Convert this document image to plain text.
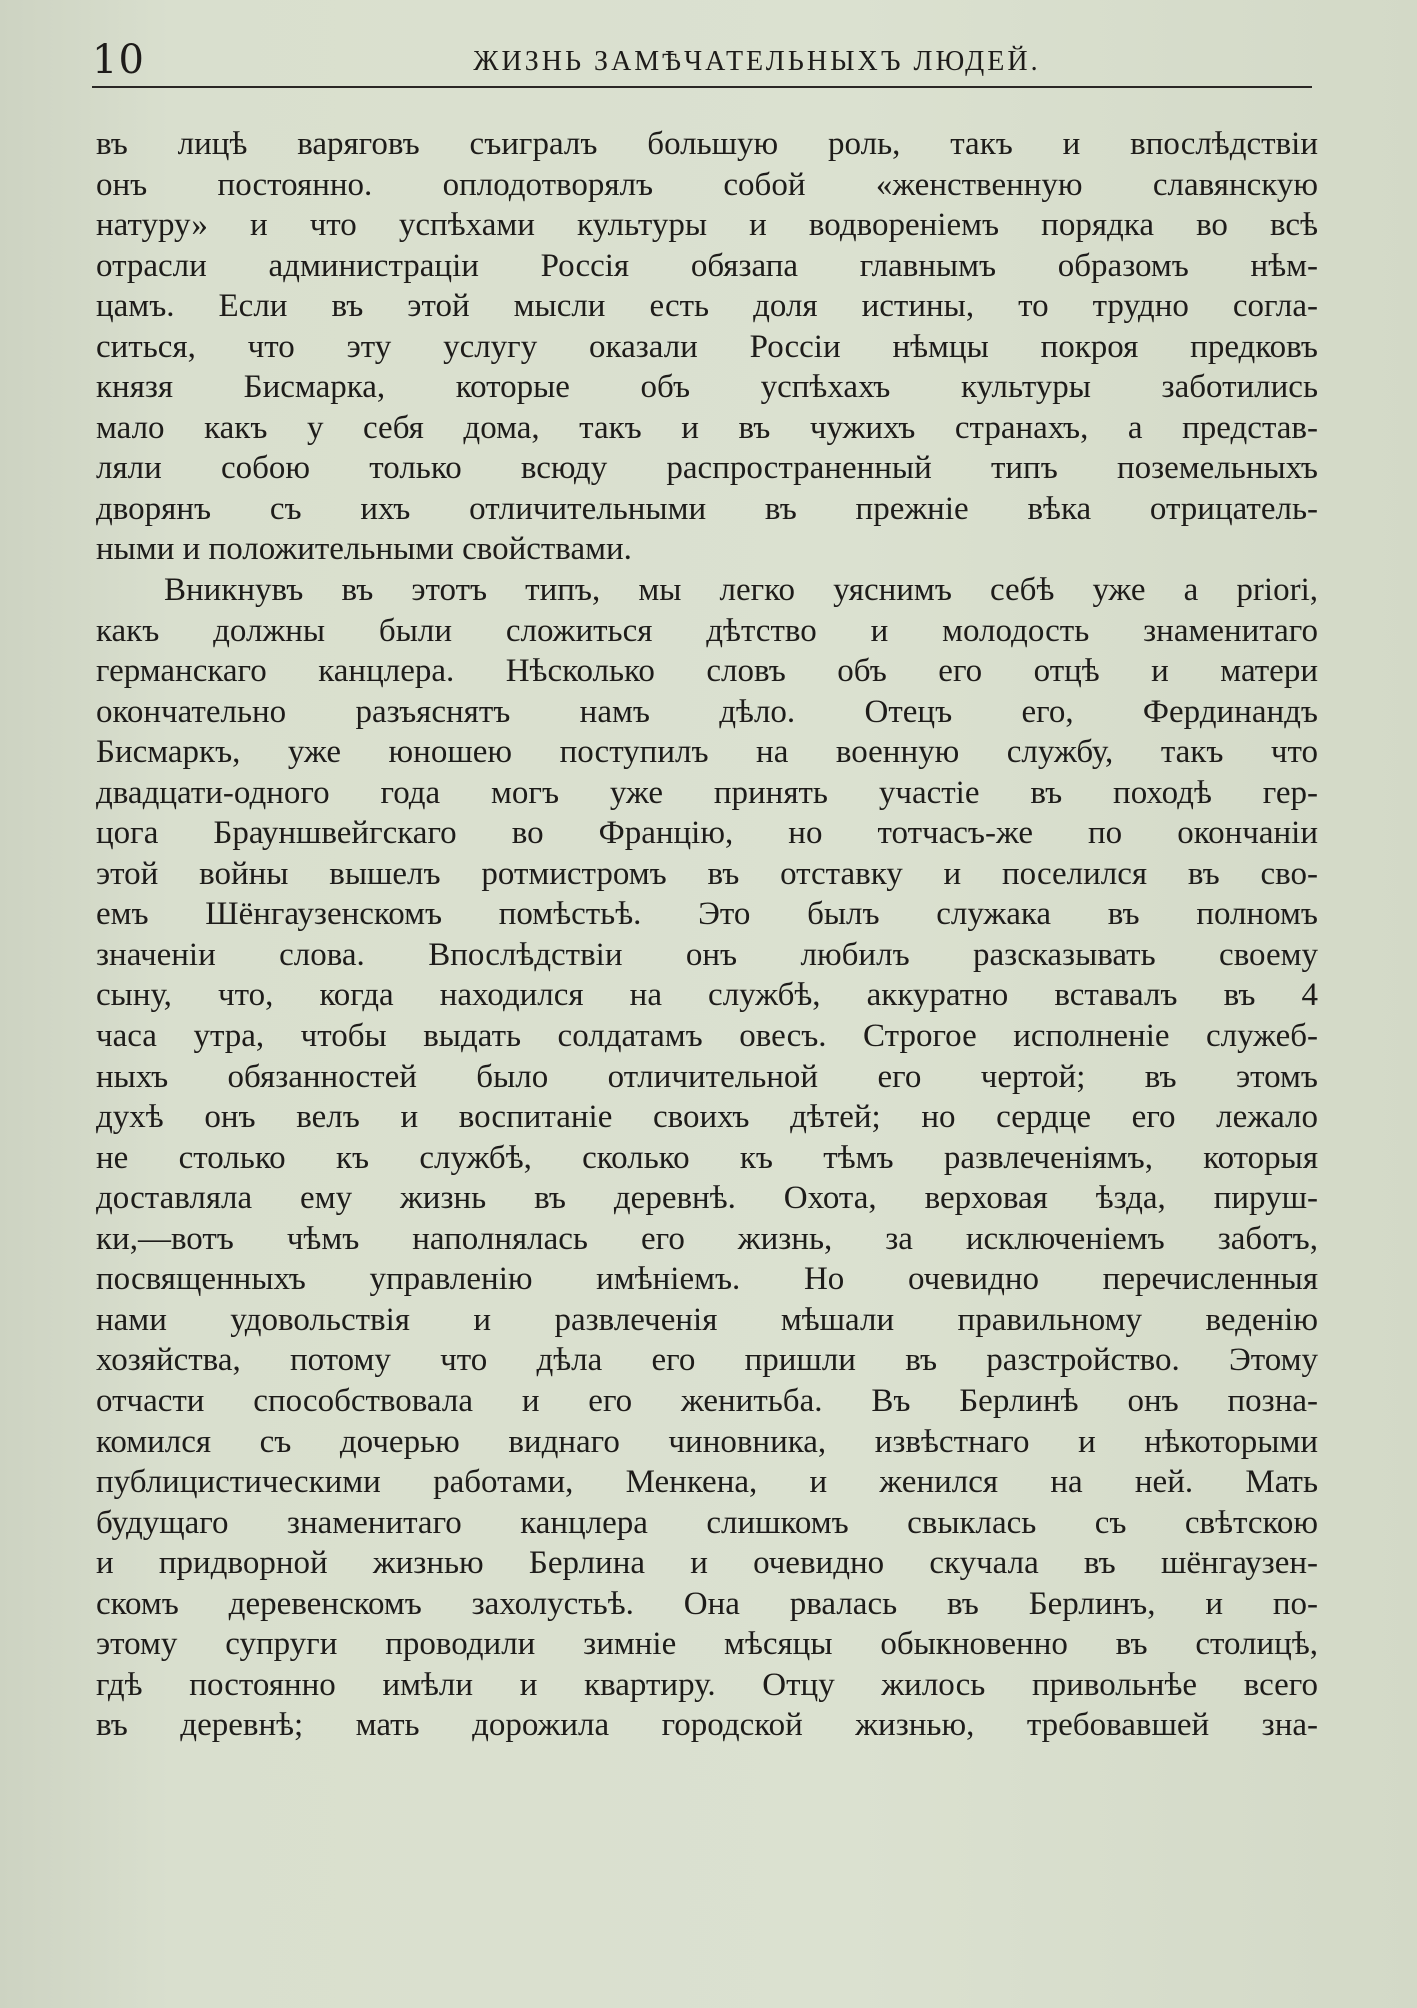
10	ЖИЗНЬ ЗАМѢЧАТЕЛЬНЫХЪ ЛЮДЕЙ.
въ лицѣ варяговъ съигралъ большую роль, такъ и впослѣдствіи
онъ постоянно. оплодотворялъ собой «женственную славянскую
натуру» и что успѣхами культуры и водвореніемъ порядка во всѣ
отрасли администраціи Россія обязапа главнымъ образомъ нѣм-
цамъ. Если въ этой мысли есть доля истины, то трудно согла-
ситься, что эту услугу оказали Россіи нѣмцы покроя предковъ
князя Бисмарка, которые объ успѣхахъ культуры заботились
мало какъ у себя дома, такъ и въ чужихъ странахъ, а представ-
ляли собою только всюду распространенный типъ поземельныхъ
дворянъ съ ихъ отличительными въ прежніе вѣка отрицатель-
ными и положительными свойствами.
Вникнувъ въ этотъ типъ, мы легко уяснимъ себѣ уже a priori,
какъ должны были сложиться дѣтство и молодость знаменитаго
германскаго канцлера. Нѣсколько словъ объ его отцѣ и матери
окончательно разъяснятъ намъ дѣло. Отецъ его, Фердинандъ
Бисмаркъ, уже юношею поступилъ на военную службу, такъ что
двадцати-одного года могъ уже принять участіе въ походѣ гер-
цога Брауншвейгскаго во Францію, но тотчасъ-же по окончаніи
этой войны вышелъ ротмистромъ въ отставку и поселился въ сво-
емъ Шёнгаузенскомъ помѣстьѣ. Это былъ служака въ полномъ
значеніи слова. Впослѣдствіи онъ любилъ разсказывать своему
сыну, что, когда находился на службѣ, аккуратно вставалъ въ 4
часа утра, чтобы выдать солдатамъ овесъ. Строгое исполненіе служеб-
ныхъ обязанностей было отличительной его чертой; въ этомъ
духѣ онъ велъ и воспитаніе своихъ дѣтей; но сердце его лежало
не столько къ службѣ, сколько къ тѣмъ развлеченіямъ, которыя
доставляла ему жизнь въ деревнѣ. Охота, верховая ѣзда, пируш-
ки,—вотъ чѣмъ наполнялась его жизнь, за исключеніемъ заботъ,
посвященныхъ управленію имѣніемъ. Но очевидно перечисленныя
нами удовольствія и развлеченія мѣшали правильному веденію
хозяйства, потому что дѣла его пришли въ разстройство. Этому
отчасти способствовала и его женитьба. Въ Берлинѣ онъ позна-
комился съ дочерью виднаго чиновника, извѣстнаго и нѣкоторыми
публицистическими работами, Менкена, и женился на ней. Мать
будущаго знаменитаго канцлера слишкомъ свыклась съ свѣтскою
и придворной жизнью Берлина и очевидно скучала въ шёнгаузен-
скомъ деревенскомъ захолустьѣ. Она рвалась въ Берлинъ, и по-
этому супруги проводили зимніе мѣсяцы обыкновенно въ столицѣ,
гдѣ постоянно имѣли и квартиру. Отцу жилось привольнѣе всего
въ деревнѣ; мать дорожила городской жизнью, требовавшей зна-
